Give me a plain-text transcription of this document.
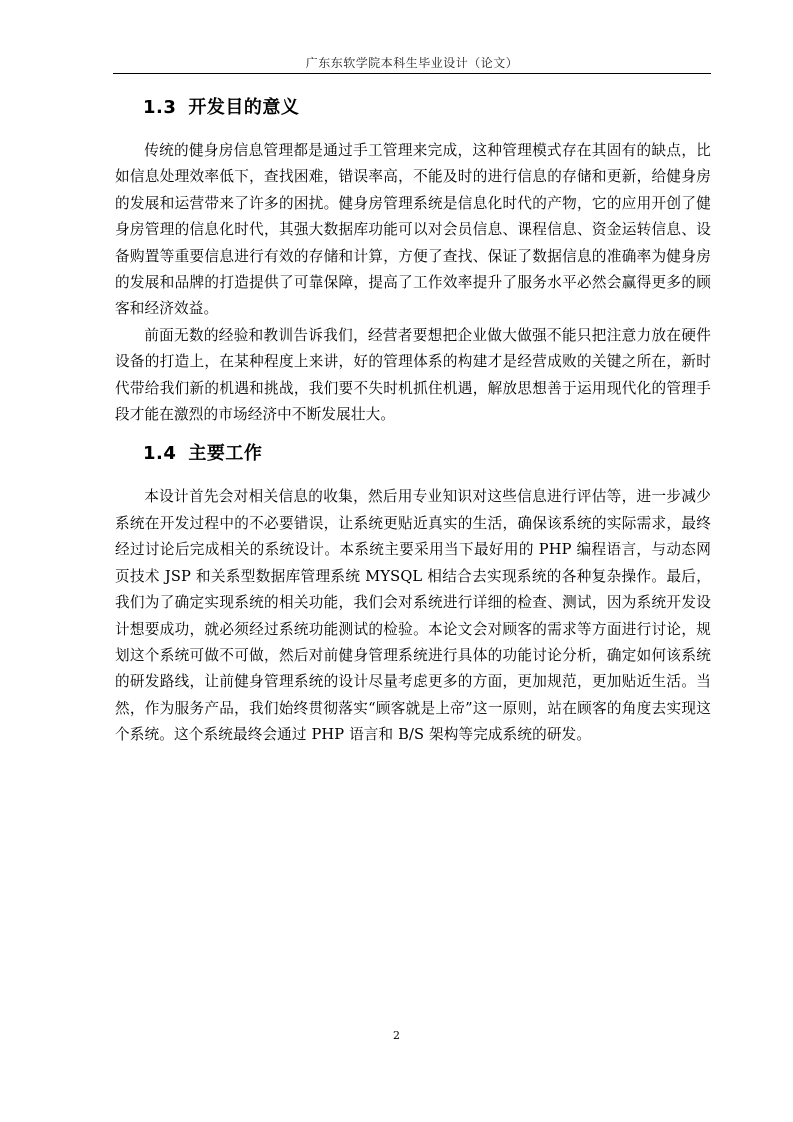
广东东软学院本科生毕业设计（论文）
1.3 开发目的意义

传统的健身房信息管理都是通过手工管理来完成，这种管理模式存在其固有的缺点，比如信息处理效率低下，查找困难，错误率高，不能及时的进行信息的存储和更新，给健身房的发展和运营带来了许多的困扰。健身房管理系统是信息化时代的产物，它的应用开创了健身房管理的信息化时代，其强大数据库功能可以对会员信息、课程信息、资金运转信息、设备购置等重要信息进行有效的存储和计算，方便了查找、保证了数据信息的准确率为健身房的发展和品牌的打造提供了可靠保障，提高了工作效率提升了服务水平必然会赢得更多的顾客和经济效益。

前面无数的经验和教训告诉我们，经营者要想把企业做大做强不能只把注意力放在硬件设备的打造上，在某种程度上来讲，好的管理体系的构建才是经营成败的关键之所在，新时代带给我们新的机遇和挑战，我们要不失时机抓住机遇，解放思想善于运用现代化的管理手段才能在激烈的市场经济中不断发展壮大。

1.4 主要工作

本设计首先会对相关信息的收集，然后用专业知识对这些信息进行评估等，进一步减少系统在开发过程中的不必要错误，让系统更贴近真实的生活，确保该系统的实际需求，最终经过讨论后完成相关的系统设计。本系统主要采用当下最好用的 PHP 编程语言，与动态网页技术 JSP 和关系型数据库管理系统 MYSQL 相结合去实现系统的各种复杂操作。最后，我们为了确定实现系统的相关功能，我们会对系统进行详细的检查、测试，因为系统开发设计想要成功，就必须经过系统功能测试的检验。本论文会对顾客的需求等方面进行讨论，规划这个系统可做不可做，然后对前健身管理系统进行具体的功能讨论分析，确定如何该系统的研发路线，让前健身管理系统的设计尽量考虑更多的方面，更加规范，更加贴近生活。当然，作为服务产品，我们始终贯彻落实“顾客就是上帝”这一原则，站在顾客的角度去实现这个系统。这个系统最终会通过 PHP 语言和 B/S 架构等完成系统的研发。

2
